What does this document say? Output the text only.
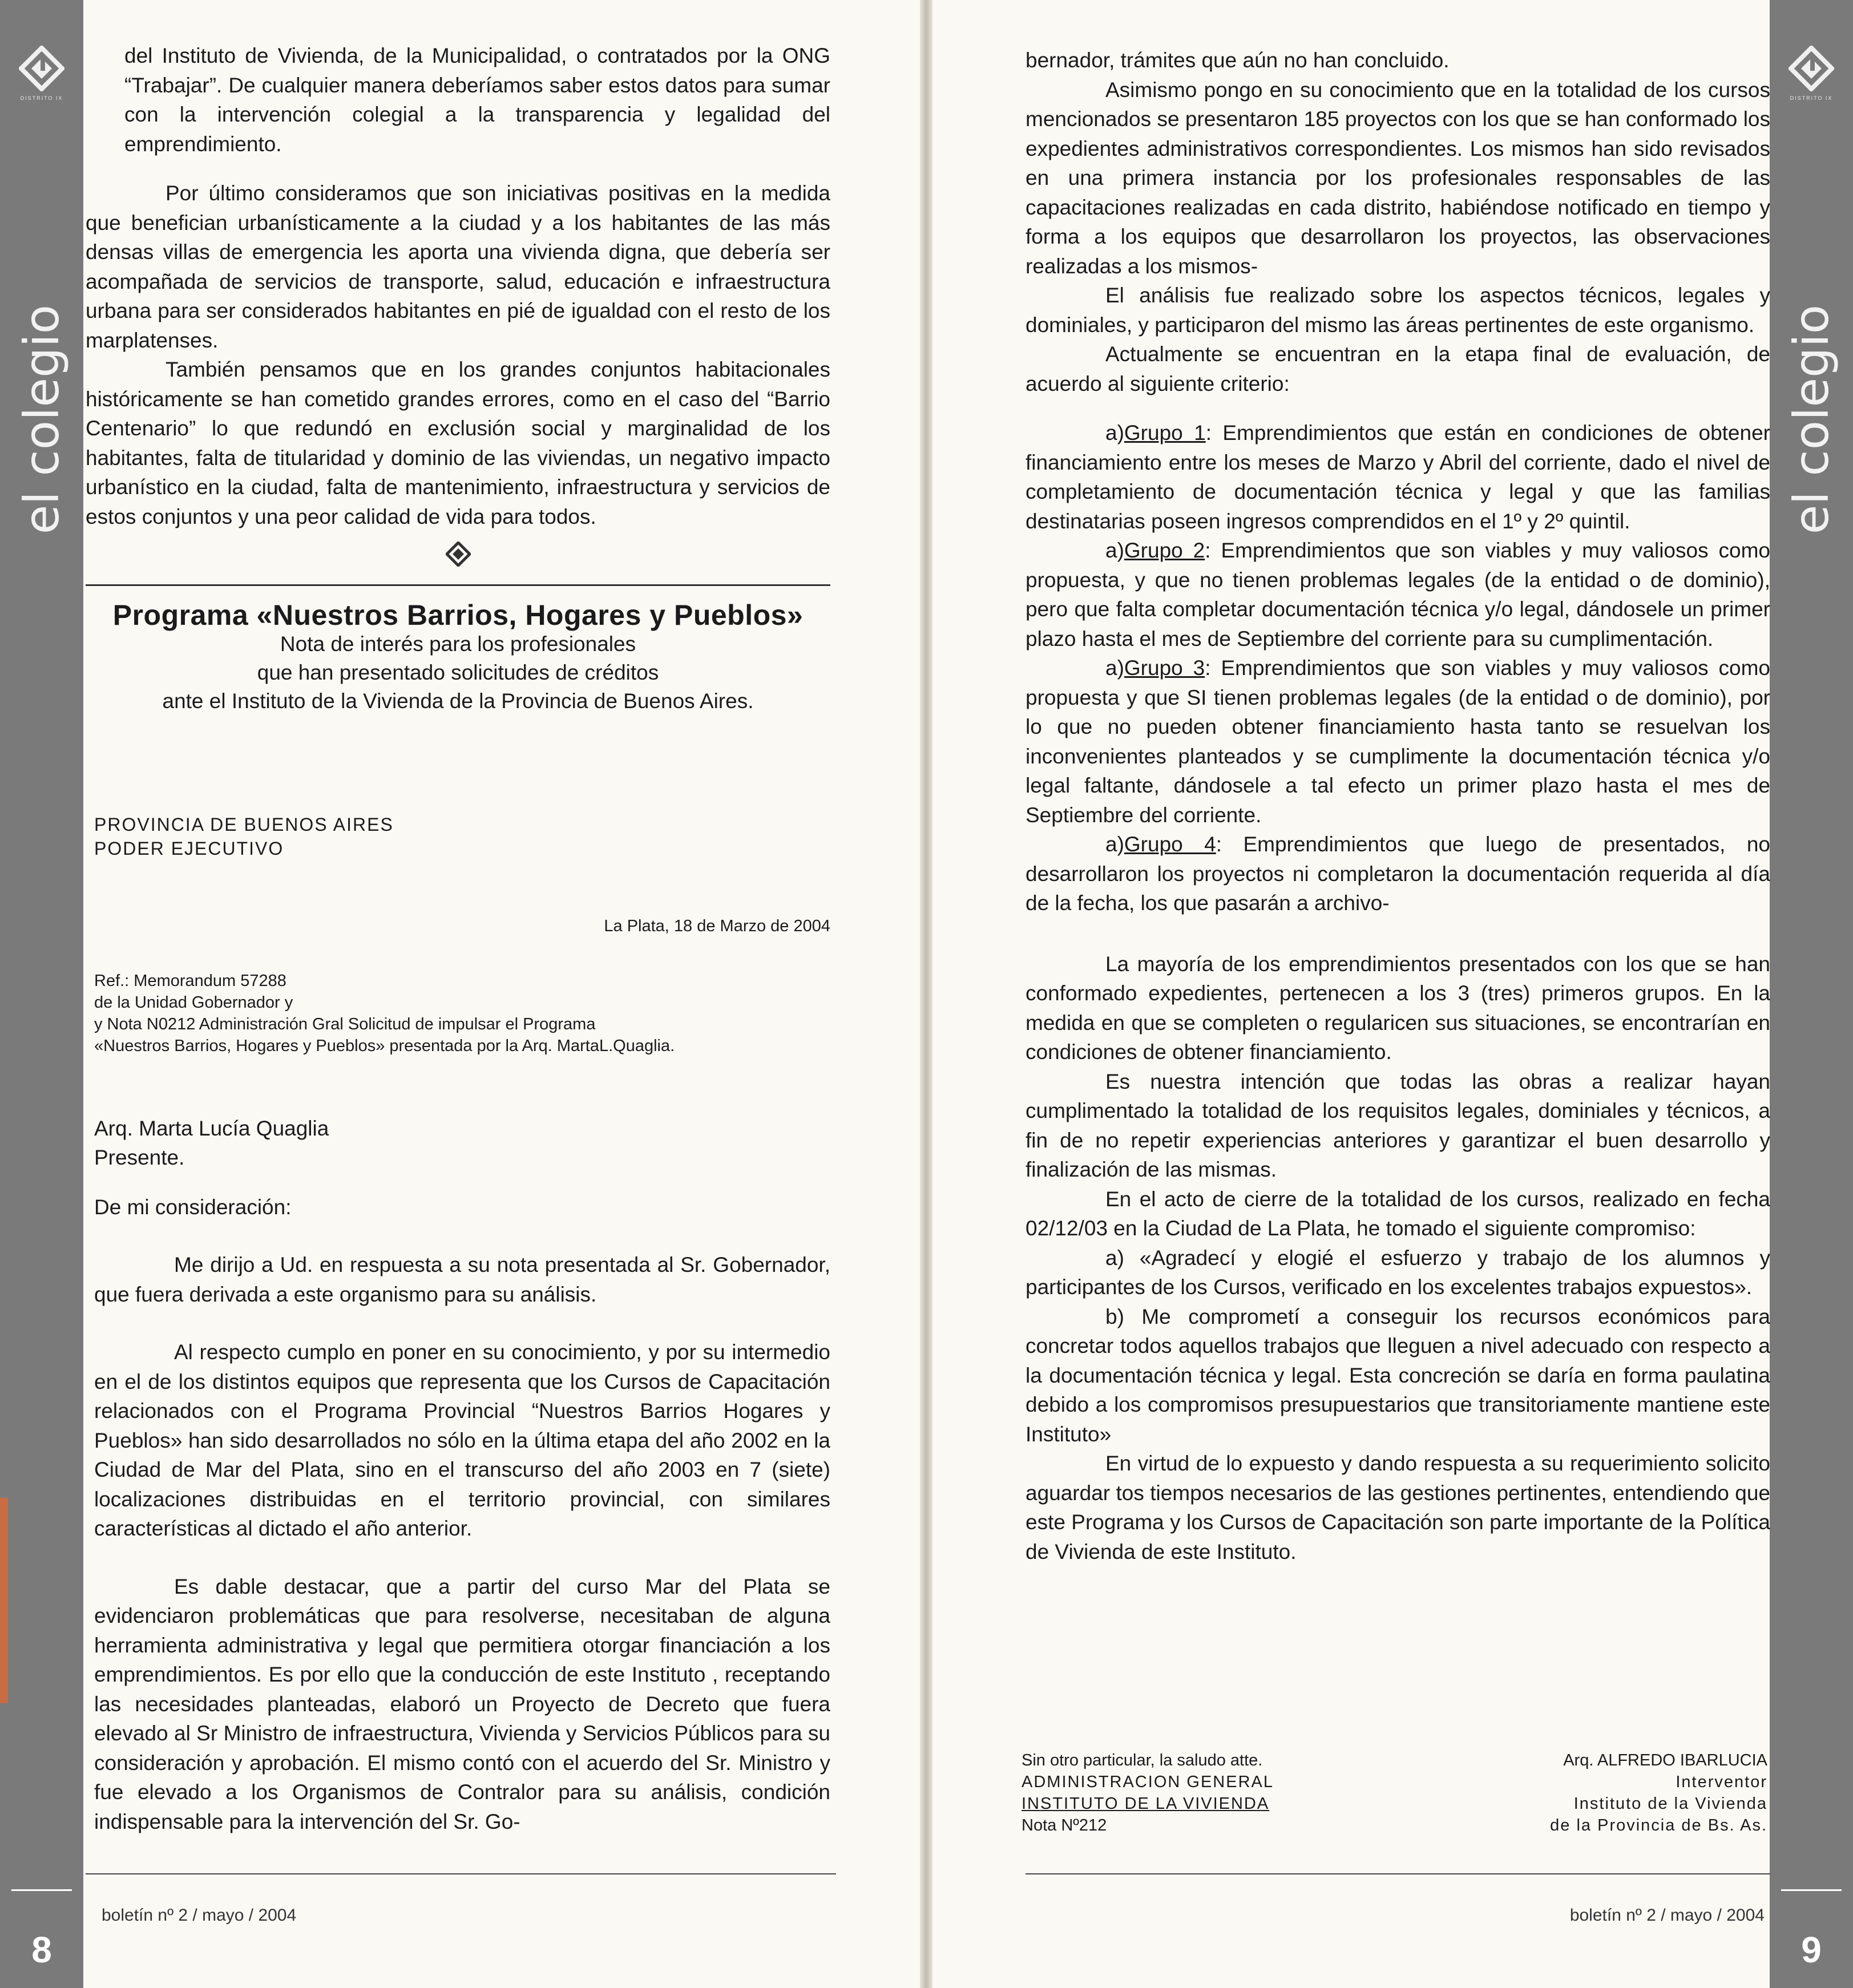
DISTRITO IX
el colegio
8
DISTRITO IX
el colegio
9

del Instituto de Vivienda, de la Municipalidad, o contratados por la ONG “Trabajar”. De cualquier manera deberíamos saber estos datos para sumar con la intervención colegial a la transparencia y legalidad del emprendimiento.

Por último consideramos que son iniciativas positivas en la medida que benefician urbanísticamente a la ciudad y a los habitantes de las más densas villas de emergencia les aporta una vivienda digna, que debería ser acompañada de servicios de transporte, salud, educación e infraestructura urbana para ser considerados habitantes en pié de igualdad con el resto de los marplatenses.

También pensamos que en los grandes conjuntos habitacionales históricamente se han cometido grandes errores, como en el caso del “Barrio Centenario” lo que redundó en exclusión social y marginalidad de los habitantes, falta de titularidad y dominio de las viviendas, un negativo impacto urbanístico en la ciudad, falta de mantenimiento, infraestructura y servicios de estos conjuntos y una peor calidad de vida para todos.

Programa «Nuestros Barrios, Hogares y Pueblos»

Nota de interés para los profesionales
que han presentado solicitudes de créditos
ante el Instituto de la Vivienda de la Provincia de Buenos Aires.
PROVINCIA DE BUENOS AIRES
PODER EJECUTIVO
La Plata, 18 de Marzo de 2004
Ref.: Memorandum 57288
de la Unidad Gobernador y
y Nota N0212 Administración Gral Solicitud de impulsar el Programa
«Nuestros Barrios, Hogares y Pueblos» presentada por la Arq. MartaL.Quaglia.

Arq. Marta Lucía Quaglia

Presente.

De mi consideración:

Me dirijo a Ud. en respuesta a su nota presentada al Sr. Gobernador, que fuera derivada a este organismo para su análisis.

Al respecto cumplo en poner en su conocimiento, y por su intermedio en el de los distintos equipos que representa que los Cursos de Capacitación relacionados con el Programa Provincial “Nuestros Barrios Hogares y Pueblos» han sido desarrollados no sólo en la última etapa del año 2002 en la Ciudad de Mar del Plata, sino en el transcurso del año 2003 en 7 (siete) localizaciones distribuidas en el territorio provincial, con similares características al dictado el año anterior.

Es dable destacar, que a partir del curso Mar del Plata se evidenciaron problemáticas que para resolverse, necesitaban de alguna herramienta administrativa y legal que permitiera otorgar financiación a los emprendimientos. Es por ello que la conducción de este Instituto , receptando las necesidades planteadas, elaboró un Proyecto de Decreto que fuera elevado al Sr Ministro de infraestructura, Vivienda y Servicios Públicos para su consideración y aprobación. El mismo contó con el acuerdo del Sr. Ministro y fue elevado a los Organismos de Contralor para su análisis, condición indispensable para la intervención del Sr. Go-

boletín nº 2 / mayo / 2004

bernador, trámites que aún no han concluido.

Asimismo pongo en su conocimiento que en la totalidad de los cursos mencionados se presentaron 185 proyectos con los que se han conformado los expedientes administrativos correspondientes. Los mismos han sido revisados en una primera instancia por los profesionales responsables de las capacitaciones realizadas en cada distrito, habiéndose notificado en tiempo y forma a los equipos que desarrollaron los proyectos, las observaciones realizadas a los mismos-

El análisis fue realizado sobre los aspectos técnicos, legales y dominiales, y participaron del mismo las áreas pertinentes de este organismo.

Actualmente se encuentran en la etapa final de evaluación, de acuerdo al siguiente criterio:

a)Grupo 1: Emprendimientos que están en condiciones de obtener financiamiento entre los meses de Marzo y Abril del corriente, dado el nivel de completamiento de documentación técnica y legal y que las familias destinatarias poseen ingresos comprendidos en el 1º y 2º quintil.

a)Grupo 2: Emprendimientos que son viables y muy valiosos como propuesta, y que no tienen problemas legales (de la entidad o de dominio), pero que falta completar documentación técnica y/o legal, dándosele un primer plazo hasta el mes de Septiembre del corriente para su cumplimentación.

a)Grupo 3: Emprendimientos que son viables y muy valiosos como propuesta y que SI tienen problemas legales (de la entidad o de dominio), por lo que no pueden obtener financiamiento hasta tanto se resuelvan los inconvenientes planteados y se cumplimente la documentación técnica y/o legal faltante, dándosele a tal efecto un primer plazo hasta el mes de Septiembre del corriente.

a)Grupo 4: Emprendimientos que luego de presentados, no desarrollaron los proyectos ni completaron la documentación requerida al día de la fecha, los que pasarán a archivo-

La mayoría de los emprendimientos presentados con los que se han conformado expedientes, pertenecen a los 3 (tres) primeros grupos. En la medida en que se completen o regularicen sus situaciones, se encontrarían en condiciones de obtener financiamiento.

Es nuestra intención que todas las obras a realizar hayan cumplimentado la totalidad de los requisitos legales, dominiales y técnicos, a fin de no repetir experiencias anteriores y garantizar el buen desarrollo y finalización de las mismas.

En el acto de cierre de la totalidad de los cursos, realizado en fecha 02/12/03 en la Ciudad de La Plata, he tomado el siguiente compromiso:

a) «Agradecí y elogié el esfuerzo y trabajo de los alumnos y participantes de los Cursos, verificado en los excelentes trabajos expuestos».

b) Me comprometí a conseguir los recursos económicos para concretar todos aquellos trabajos que lleguen a nivel adecuado con respecto a la documentación técnica y legal. Esta concreción se daría en forma paulatina debido a los compromisos presupuestarios que transitoriamente mantiene este Instituto»

En virtud de lo expuesto y dando respuesta a su requerimiento solicito aguardar tos tiempos necesarios de las gestiones pertinentes, entendiendo que este Programa y los Cursos de Capacitación son parte importante de la Política de Vivienda de este Instituto.

Sin otro particular, la saludo atte.
ADMINISTRACION GENERAL
INSTITUTO DE LA VIVIENDA
Nota Nº212
Arq. ALFREDO IBARLUCIA
Interventor
Instituto de la Vivienda
de la Provincia de Bs. As.
boletín nº 2 / mayo / 2004
